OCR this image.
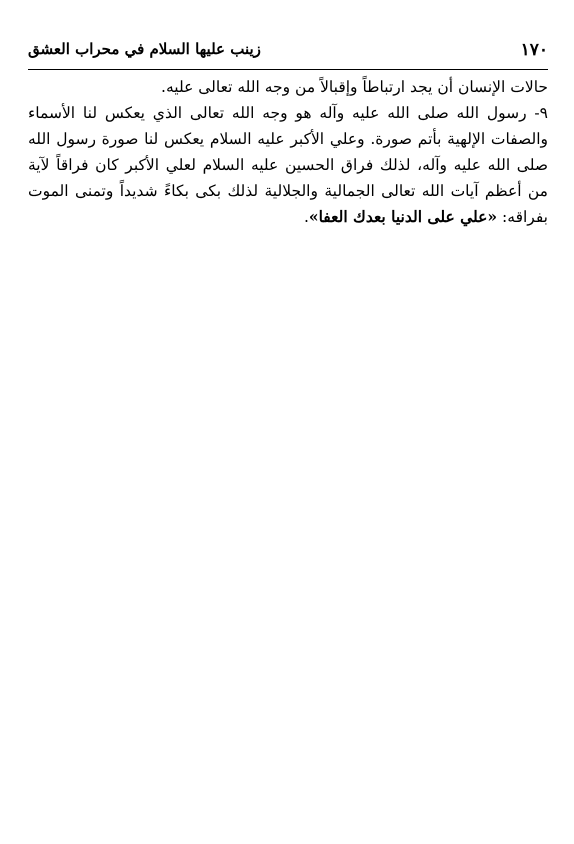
١٧٠
زينب عليها السلام في محراب العشق

حالات الإنسان أن يجد ارتباطاً وإقبالاً من وجه الله تعالى عليه.

٩- رسول الله صلى الله عليه وآله هو وجه الله تعالى الذي يعكس لنا الأسماء والصفات الإلهية بأتم صورة. وعلي الأكبر عليه السلام يعكس لنا صورة رسول الله صلى الله عليه وآله، لذلك فراق الحسين عليه السلام لعلي الأكبر كان فراقاً لآية من أعظم آيات الله تعالى الجمالية والجلالية لذلك بكى بكاءً شديداً وتمنى الموت بفراقه: «علي على الدنيا بعدك العفا».
